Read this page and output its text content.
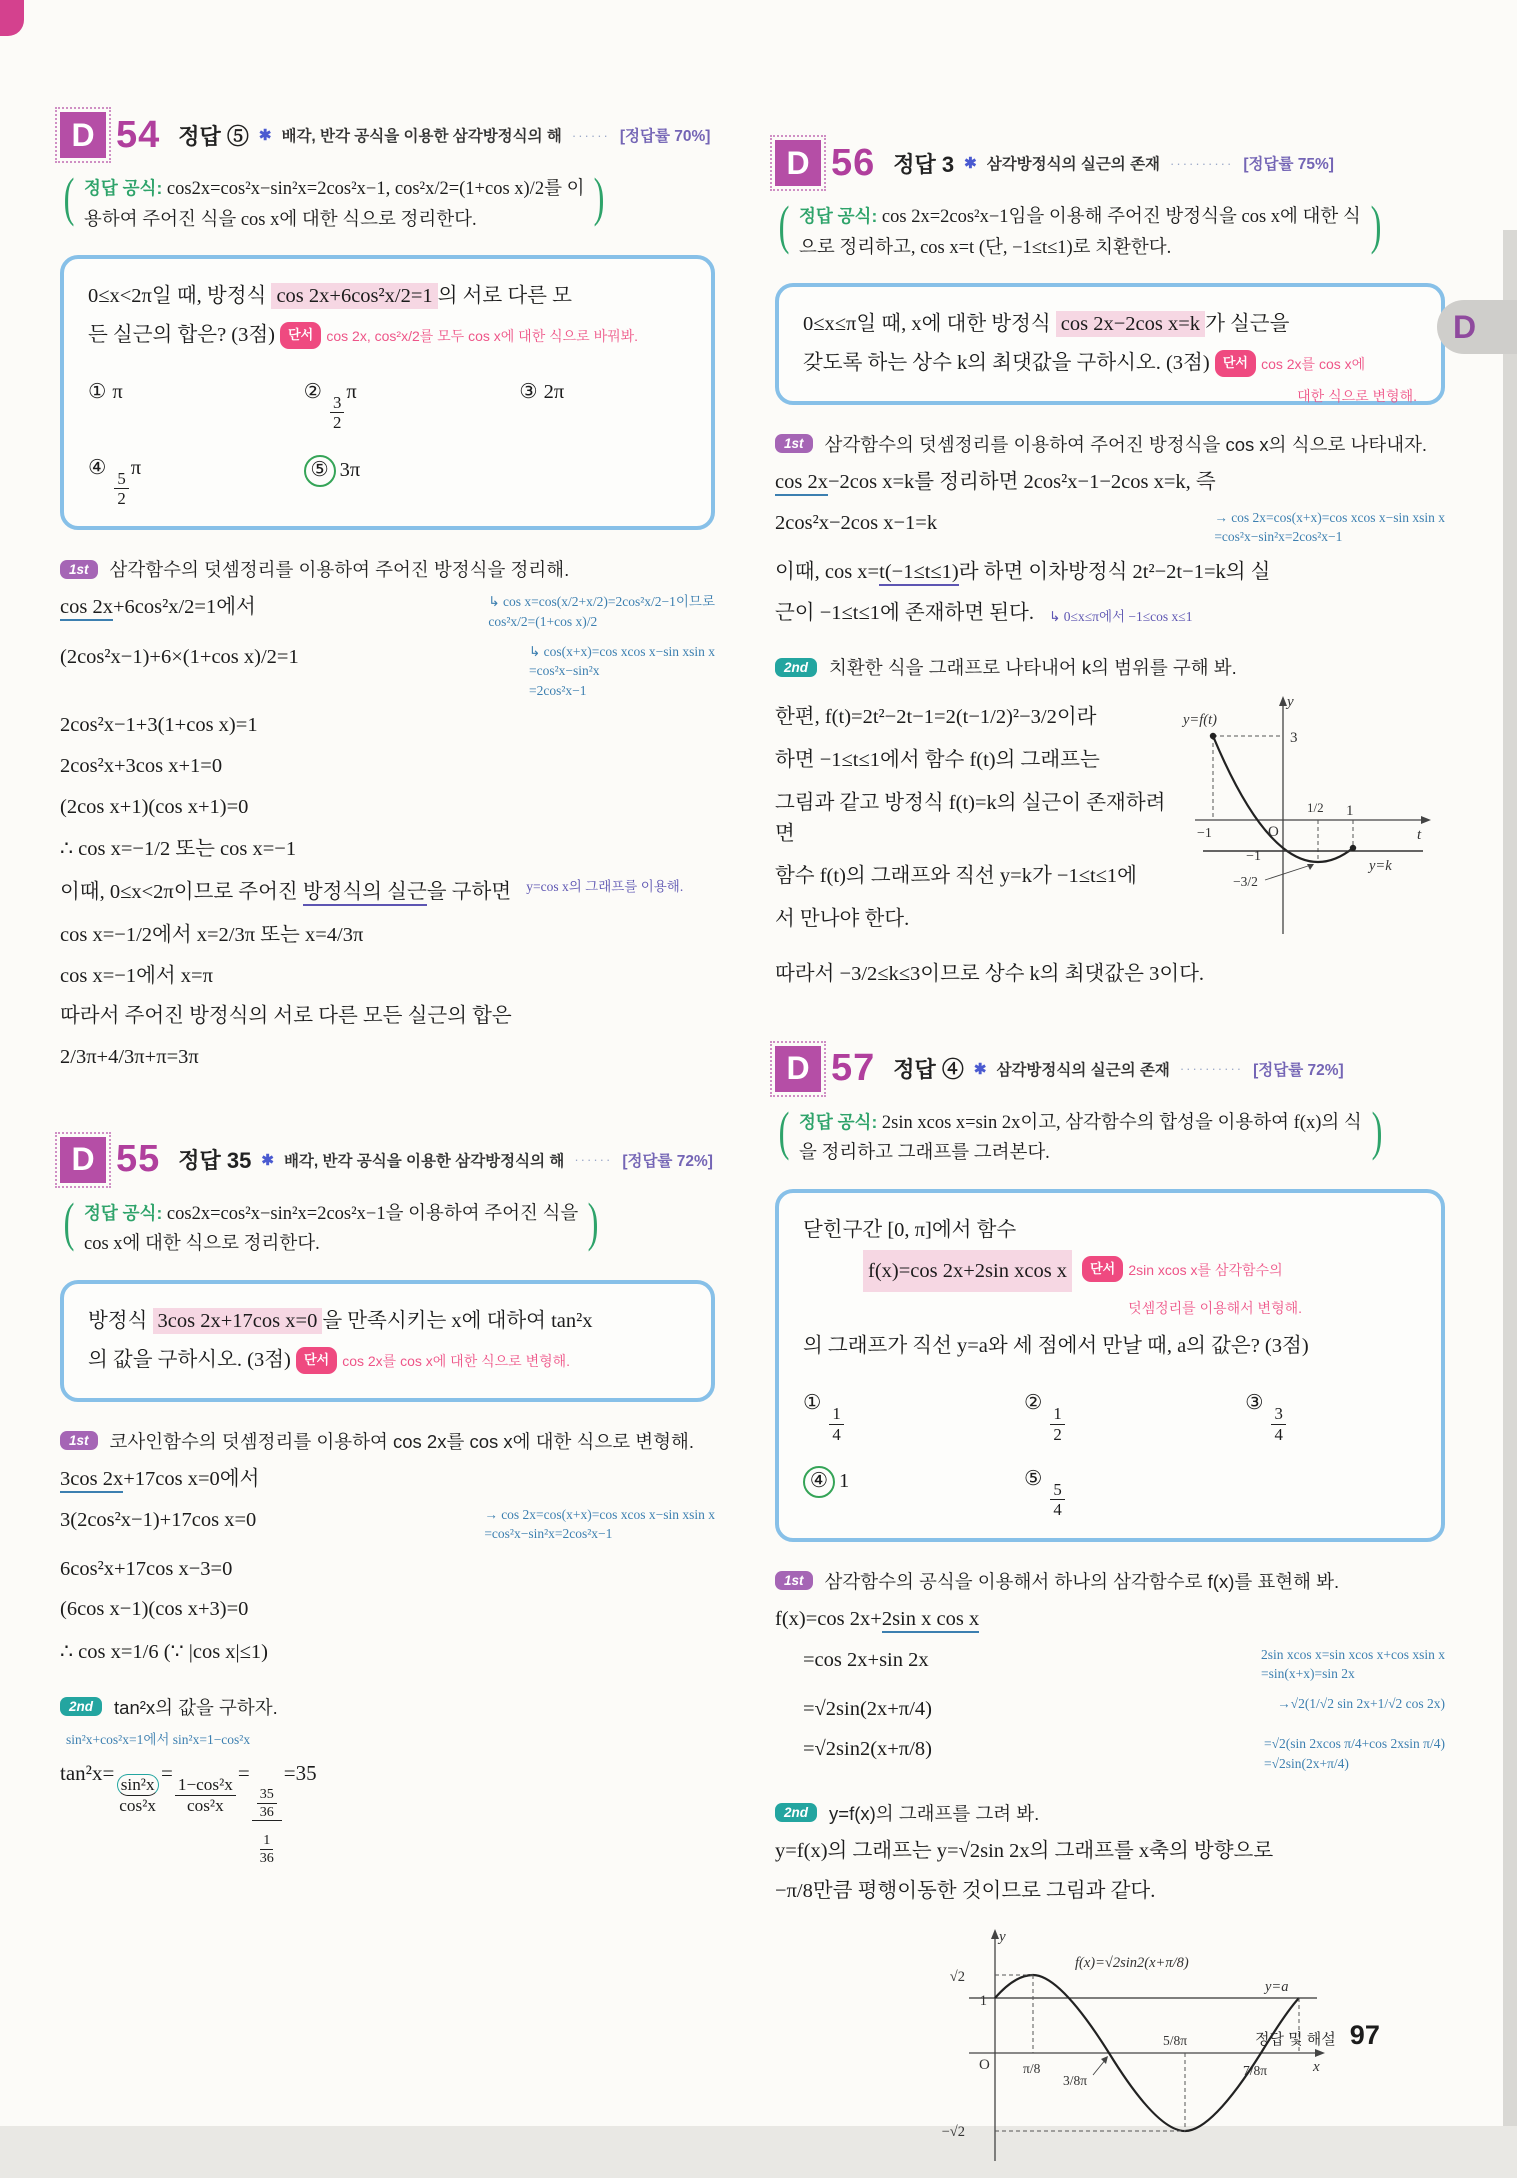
D 54 정답 ⑤ ✱ 배각, 반각 공식을 이용한 삼각방정식의 해 ······ [정답률 70%]
( 정답 공식: cos2x=cos²x−sin²x=2cos²x−1, cos²x/2=(1+cos x)/2를 이
용하여 주어진 식을 cos x에 대한 식으로 정리한다.	)
0≤x<2π일 때, 방정식 cos 2x+6cos²x/2=1 의 서로 다른 모
든 실근의 합은? (3점) 단서 cos 2x, cos²x/2를 모두 cos x에 대한 식으로 바꿔봐.
① π	②
$\frac{3}{2}$
π	③ 2π
④
$\frac{5}{2}$
π	⑤ 3π
1st	삼각함수의 덧셈정리를 이용하여 주어진 방정식을 정리해.
cos 2x+6cos²x/2=1에서	↳ cos x=cos(x/2+x/2)=2cos²x/2−1이므로
cos²x/2=(1+cos x)/2
(2cos²x−1)+6×(1+cos x)/2=1	↳ cos(x+x)=cos xcos x−sin xsin x
=cos²x−sin²x
=2cos²x−1
2cos²x−1+3(1+cos x)=1
2cos²x+3cos x+1=0
(2cos x+1)(cos x+1)=0
∴ cos x=−1/2 또는 cos x=−1
이때, 0≤x<2π이므로 주어진 방정식의 실근을 구하면 $^{y=cos x의 그래프를 이용해.}$
cos x=−1/2에서 x=2/3π 또는 x=4/3π
cos x=−1에서 x=π
따라서 주어진 방정식의 서로 다른 모든 실근의 합은
2/3π+4/3π+π=3π
D 55 정답 35 ✱ 배각, 반각 공식을 이용한 삼각방정식의 해 ······ [정답률 72%]
( 정답 공식: cos2x=cos²x−sin²x=2cos²x−1을 이용하여 주어진 식을
cos x에 대한 식으로 정리한다.	)
방정식 3cos 2x+17cos x=0 을 만족시키는 x에 대하여 tan²x
의 값을 구하시오. (3점) 단서 cos 2x를 cos x에 대한 식으로 변형해.
1st	코사인함수의 덧셈정리를 이용하여 cos 2x를 cos x에 대한 식으로 변형해.
3cos 2x+17cos x=0에서
3(2cos²x−1)+17cos x=0	→ cos 2x=cos(x+x)=cos xcos x−sin xsin x
=cos²x−sin²x=2cos²x−1
6cos²x+17cos x−3=0
(6cos x−1)(cos x+3)=0
∴ cos x=1/6 (∵ |cos x|≤1)
2nd	tan²x의 값을 구하자.
sin²x+cos²x=1에서 sin²x=1−cos²x
tan²x=
$\frac{\text{sin²x}}{\text{cos²x}}$
=
$\frac{\text{1−cos²x}}{\text{cos²x}}$
=
$\frac{\frac{35}{36}}{\frac{1}{36}}$
=35
D 56 정답 3 ✱ 삼각방정식의 실근의 존재 ·········· [정답률 75%]
( 정답 공식: cos 2x=2cos²x−1임을 이용해 주어진 방정식을 cos x에 대한 식
으로 정리하고, cos x=t (단, −1≤t≤1)로 치환한다.	)
0≤x≤π일 때, x에 대한 방정식 cos 2x−2cos x=k 가 실근을
갖도록 하는 상수 k의 최댓값을 구하시오. (3점) 단서 cos 2x를 cos x에

대한 식으로 변형해.
1st	삼각함수의 덧셈정리를 이용하여 주어진 방정식을 cos x의 식으로 나타내자.
cos 2x−2cos x=k를 정리하면 2cos²x−1−2cos x=k, 즉
2cos²x−2cos x−1=k	→ cos 2x=cos(x+x)=cos xcos x−sin xsin x
=cos²x−sin²x=2cos²x−1
이때, cos x=t(−1≤t≤1)라 하면 이차방정식 2t²−2t−1=k의 실
근이 −1≤t≤1에 존재하면 된다. ↳ 0≤x≤π에서 −1≤cos x≤1
2nd	치환한 식을 그래프로 나타내어 k의 범위를 구해 봐.
한편, f(t)=2t²−2t−1=2(t−1/2)²−3/2이라
하면 −1≤t≤1에서 함수 f(t)의 그래프는
그림과 같고 방정식 f(t)=k의 실근이 존재하려면
함수 f(t)의 그래프와 직선 y=k가 −1≤t≤1에
서 만나야 한다.
y
t
y=f(t)
3
−1	O
1/2 1
−1
−3/2
y=k
따라서 −3/2≤k≤3이므로 상수 k의 최댓값은 3이다.
D 57 정답 ④ ✱ 삼각방정식의 실근의 존재 ·········· [정답률 72%]
( 정답 공식: 2sin xcos x=sin 2x이고, 삼각함수의 합성을 이용하여 f(x)의 식
을 정리하고 그래프를 그려본다.	)
닫힌구간 [0, π]에서 함수
f(x)=cos 2x+2sin xcos x	단서 2sin xcos x를 삼각함수의
덧셈정리를 이용해서 변형해.
의 그래프가 직선 y=a와 세 점에서 만날 때, a의 값은? (3점)
①
$\frac{1}{4}$
②
$\frac{1}{2}$
③
$\frac{3}{4}$
④ 1	⑤
$\frac{5}{4}$
1st	삼각함수의 공식을 이용해서 하나의 삼각함수로 f(x)를 표현해 봐.
f(x)=cos 2x+2sin x cos x
=cos 2x+sin 2x	2sin xcos x=sin xcos x+cos xsin x
=sin(x+x)=sin 2x
=√2sin(2x+π/4)	→√2(1/√2 sin 2x+1/√2 cos 2x)
=√2sin2(x+π/8)	=√2(sin 2xcos π/4+cos 2xsin π/4)
=√2sin(2x+π/4)
2nd	y=f(x)의 그래프를 그려 봐.
y=f(x)의 그래프는 y=√2sin 2x의 그래프를 x축의 방향으로
−π/8만큼 평행이동한 것이므로 그림과 같다.
y
x
√2
1
O
−√2
π/8
3/8π
5/8π
7/8π
f(x)=√2sin2(x+π/8)
y=a
정답 및 해설 97
D
